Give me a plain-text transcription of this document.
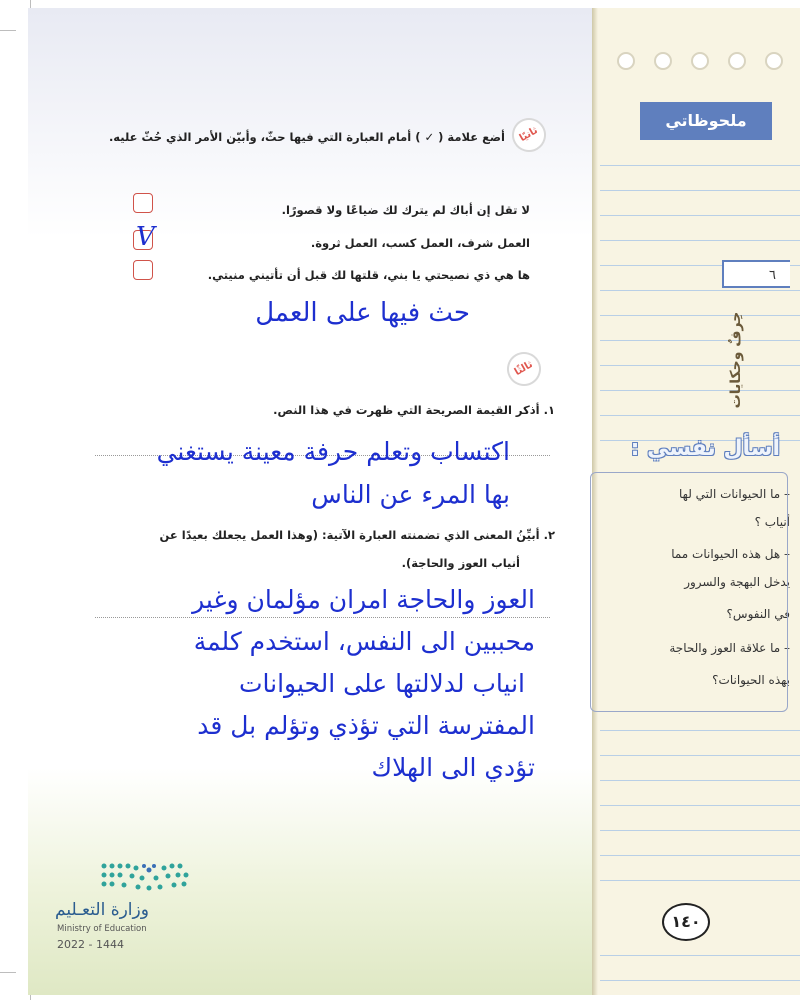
ملحوظاتي
٦
حِرفٌ وحكايات
أسأل نفسي :
– ما الحيوانات التي لها
أنياب ؟
– هل هذه الحيوانات مما
يدخل البهجة والسرور
في النفوس؟
– ما علاقة العوز والحاجة
بهذه الحيوانات؟
١٤٠
ثانيًا
أضع علامة ( ✓ ) أمام العبارة التي فيها حثّ، وأبيّن الأمر الذي حُثّ عليه.
لا تقل إن أباك لم يترك لك ضياعًا ولا قصورًا.
العمل شرف، العمل كسب، العمل ثروة.
ها هي ذي نصيحتي يا بني، قلتها لك قبل أن تأتيني منيتي.
V
حث فيها على العمل
ثالثًا
١. أذكر القيمة الصريحة التي ظهرت في هذا النص.
اكتساب وتعلم حرفة معينة يستغني
بها المرء عن الناس
٢. أبيِّنُ المعنى الذي تضمنته العبارة الآتية: (وهذا العمل يجعلك بعيدًا عن
أنياب العوز والحاجة).
العوز والحاجة امران مؤلمان وغير
محببين الى النفس، استخدم كلمة
انياب لدلالتها على الحيوانات
المفترسة التي تؤذي وتؤلم بل قد
تؤدي الى الهلاك
وزارة التعـليم
Ministry of Education
2022 - 1444
